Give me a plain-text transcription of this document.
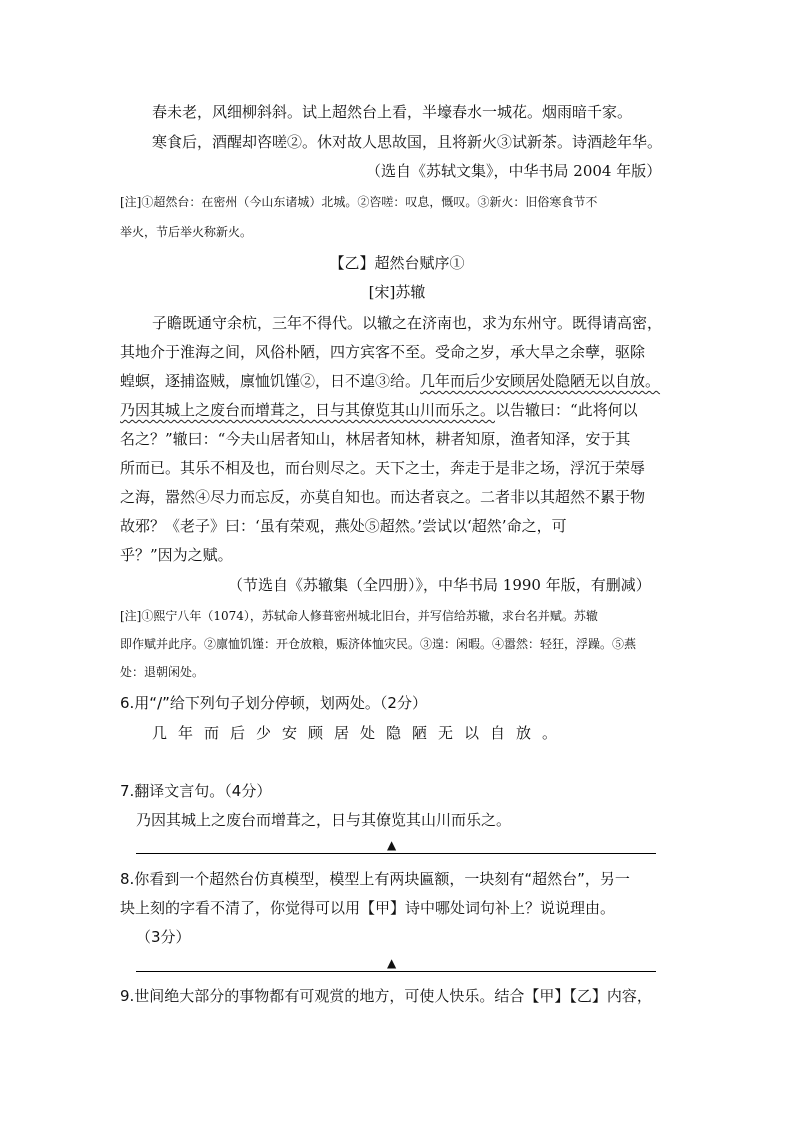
春未老，风细柳斜斜。试上超然台上看，半壕春水一城花。烟雨暗千家。
寒食后，酒醒却咨嗟②。休对故人思故国，且将新火③试新茶。诗酒趁年华。
（选自《苏轼文集》，中华书局 2004 年版）
[注]①超然台：在密州（今山东诸城）北城。②咨嗟：叹息，慨叹。③新火：旧俗寒食节不
举火，节后举火称新火。
【乙】超然台赋序①
[宋]苏辙
子瞻既通守余杭，三年不得代。以辙之在济南也，求为东州守。既得请高密，
其地介于淮海之间，风俗朴陋，四方宾客不至。受命之岁，承大旱之余孽，驱除
蝗螟，逐捕盗贼，廪恤饥馑②，日不遑③给。几年而后少安顾居处隐陋无以自放。
乃因其城上之废台而增葺之，日与其僚览其山川而乐之。以告辙曰：“此将何以
名之？”辙曰：“今夫山居者知山，林居者知林，耕者知原，渔者知泽，安于其
所而已。其乐不相及也，而台则尽之。天下之士，奔走于是非之场，浮沉于荣辱
之海，嚣然④尽力而忘反，亦莫自知也。而达者哀之。二者非以其超然不累于物
故邪？《老子》曰：‘虽有荣观，燕处⑤超然。’尝试以‘超然’命之，可
乎？”因为之赋。
（节选自《苏辙集（全四册）》，中华书局 1990 年版，有删减）
[注]①熙宁八年（1074），苏轼命人修葺密州城北旧台，并写信给苏辙，求台名并赋。苏辙
即作赋并此序。②廪恤饥馑：开仓放粮，赈济体恤灾民。③遑：闲暇。④嚣然：轻狂，浮躁。⑤燕
处：退朝闲处。
6.用“/”给下列句子划分停顿，划两处。（2分）
几年而后少安顾居处隐陋无以自放。
7.翻译文言句。（4分）
乃因其城上之废台而增葺之，日与其僚览其山川而乐之。
▲
8.你看到一个超然台仿真模型，模型上有两块匾额，一块刻有“超然台”，另一
块上刻的字看不清了，你觉得可以用【甲】诗中哪处词句补上？说说理由。
（3分）
▲
9.世间绝大部分的事物都有可观赏的地方，可使人快乐。结合【甲】【乙】内容，
